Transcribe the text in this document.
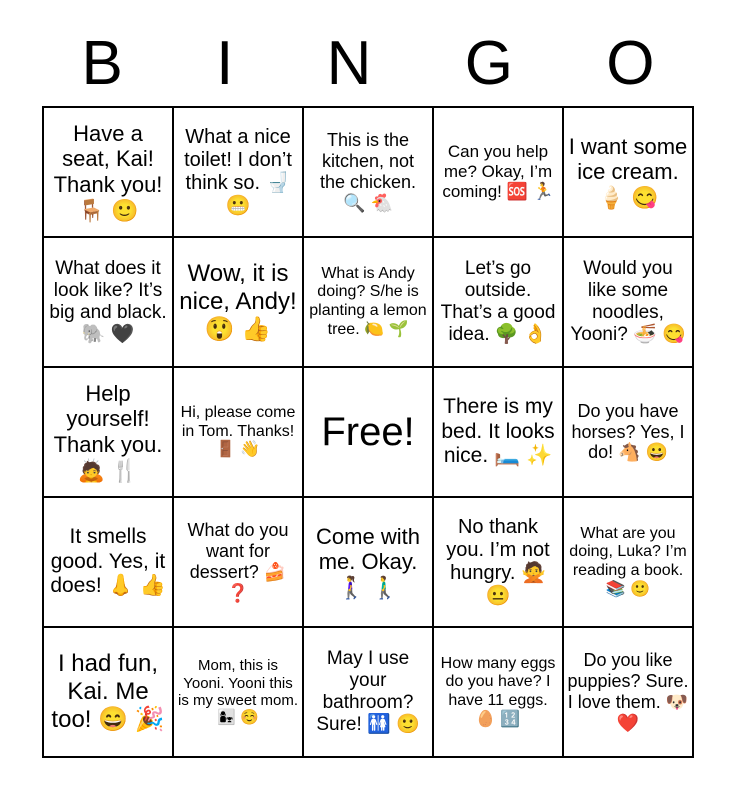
B I N G O
Have a seat, Kai! Thank you! 🪑 🙂
What a nice toilet! I don’t think so. 🚽 😬
This is the kitchen, not the chicken. 🔍 🐔
Can you help me? Okay, I’m coming! 🆘 🏃
I want some ice cream. 🍦 😋
What does it look like? It’s big and black. 🐘 🖤
Wow, it is nice, Andy! 😲 👍
What is Andy doing? S/he is planting a lemon tree. 🍋 🌱
Let’s go outside. That’s a good idea. 🌳 👌
Would you like some noodles, Yooni? 🍜 😋
Help yourself! Thank you. 🙇 🍴
Hi, please come in Tom. Thanks! 🚪 👋	Free!
There is my bed. It looks nice. 🛏️ ✨
Do you have horses? Yes, I do! 🐴 😀
It smells good. Yes, it does! 👃 👍
What do you want for dessert? 🍰 ❓
Come with me. Okay. 🚶‍♀️ 🚶‍♂️
No thank you. I’m not hungry. 🙅 😐
What are you doing, Luka? I’m reading a book. 📚 🙂
I had fun, Kai. Me too! 😄 🎉
Mom, this is Yooni. Yooni this is my sweet mom. 👩‍👧 ☺️
May I use your bathroom? Sure! 🚻 🙂
How many eggs do you have? I have 11 eggs. 🥚 🔢
Do you like puppies? Sure. I love them. 🐶 ❤️
